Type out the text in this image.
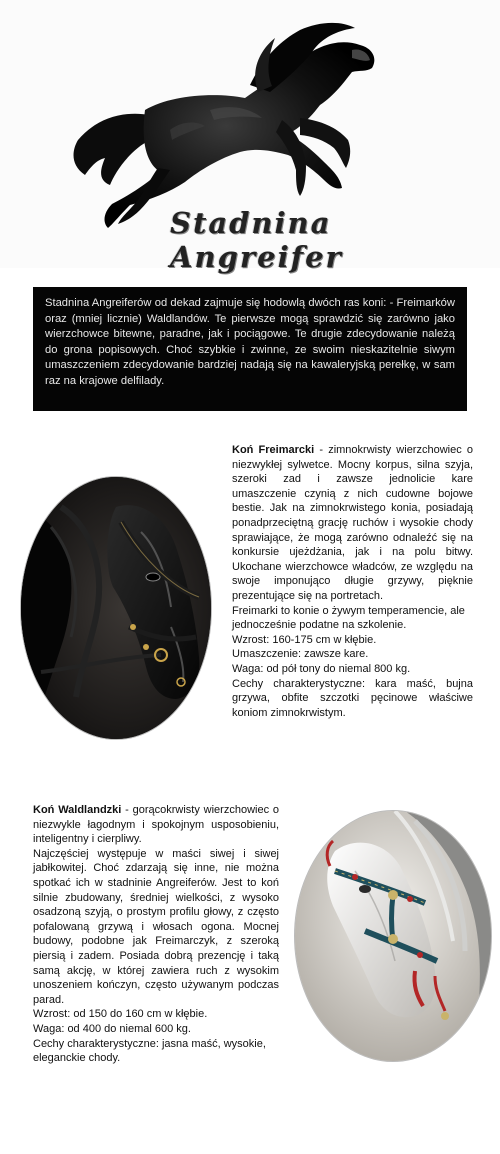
Stadnina Angreifer

Stadnina Angreiferów od dekad zajmuje się hodowlą dwóch ras koni: - Freimarków oraz (mniej licznie) Waldlandów. Te pierwsze mogą sprawdzić się zarówno jako wierzchowce bitewne, paradne, jak i pociągowe. Te drugie zdecydowanie należą do grona popisowych. Choć szybkie i zwinne, ze swoim nieskazitelnie siwym umaszczeniem zdecydowanie bardziej nadają się na kawaleryjską perełkę, w sam raz na krajowe delfilady.

Koń Freimarcki - zimnokrwisty wierzchowiec o niezwykłej sylwetce. Mocny korpus, silna szyja, szeroki zad i zawsze jednolicie kare umaszczenie czynią z nich cudowne bojowe bestie. Jak na zimnokrwistego konia, posiadają ponadprzeciętną grację ruchów i wysokie chody sprawiające, że mogą zarówno odnaleźć się na konkursie ujeżdżania, jak i na polu bitwy. Ukochane wierzchowce władców, ze względu na swoje imponująco długie grzywy, pięknie prezentujące się na portretach.

Freimarki to konie o żywym temperamencie, ale jednocześnie podatne na szkolenie.

Wzrost: 160-175 cm w kłębie.

Umaszczenie: zawsze kare.

Waga: od pół tony do niemal 800 kg.

Cechy charakterystyczne: kara maść, bujna grzywa, obfite szczotki pęcinowe właściwe koniom zimnokrwistym.

Koń Waldlandzki - gorącokrwisty wierzchowiec o niezwykle łagodnym i spokojnym usposobieniu, inteligentny i cierpliwy.

Najczęściej występuje w maści siwej i siwej jabłkowitej. Choć zdarzają się inne, nie można spotkać ich w stadninie Angreiferów. Jest to koń silnie zbudowany, średniej wielkości, z wysoko osadzoną szyją, o prostym profilu głowy, z często pofalowaną grzywą i włosach ogona. Mocnej budowy, podobne jak Freimarczyk, z szeroką piersią i zadem. Posiada dobrą prezencję i taką samą akcję, w której zawiera ruch z wysokim unoszeniem kończyn, często używanym podczas parad.

Wzrost: od 150 do 160 cm w kłębie.

Waga: od 400 do niemal 600 kg.

Cechy charakterystyczne: jasna maść, wysokie, eleganckie chody.
